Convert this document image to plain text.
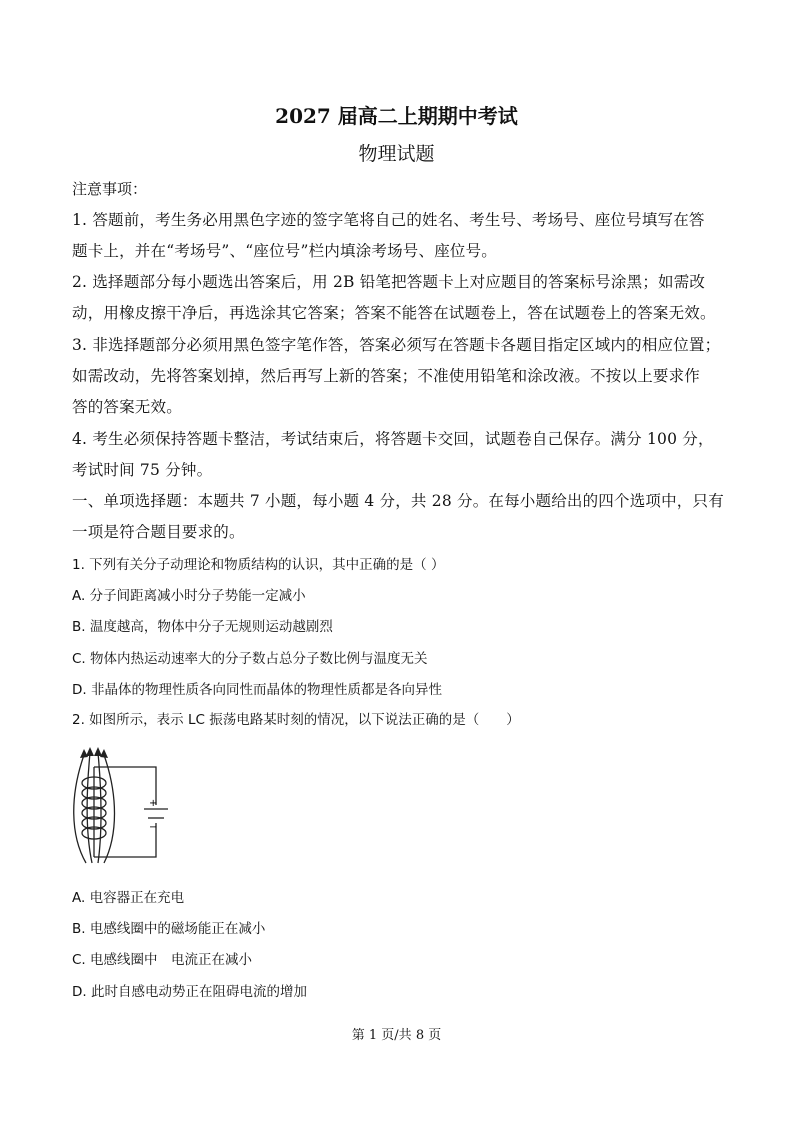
2027 届高二上期期中考试
物理试题
注意事项：
1. 答题前，考生务必用黑色字迹的签字笔将自己的姓名、考生号、考场号、座位号填写在答
题卡上，并在“考场号”、“座位号”栏内填涂考场号、座位号。
2. 选择题部分每小题选出答案后，用 2B 铅笔把答题卡上对应题目的答案标号涂黑；如需改
动，用橡皮擦干净后，再选涂其它答案；答案不能答在试题卷上，答在试题卷上的答案无效。
3. 非选择题部分必须用黑色签字笔作答，答案必须写在答题卡各题目指定区域内的相应位置；
如需改动，先将答案划掉，然后再写上新的答案；不准使用铅笔和涂改液。不按以上要求作
答的答案无效。
4. 考生必须保持答题卡整洁，考试结束后，将答题卡交回，试题卷自己保存。满分 100 分，
考试时间 75 分钟。
一、单项选择题：本题共 7 小题，每小题 4 分，共 28 分。在每小题给出的四个选项中，只有
一项是符合题目要求的。
1. 下列有关分子动理论和物质结构的认识，其中正确的是（ ）
A. 分子间距离减小时分子势能一定减小
B. 温度越高，物体中分子无规则运动越剧烈
C. 物体内热运动速率大的分子数占总分子数比例与温度无关
D. 非晶体的物理性质各向同性而晶体的物理性质都是各向异性
2. 如图所示，表示 LC 振荡电路某时刻的情况，以下说法正确的是（　　）
+
−
A. 电容器正在充电
B. 电感线圈中的磁场能正在减小
C. 电感线圈中　电流正在减小
D. 此时自感电动势正在阻碍电流的增加
第 1 页/共 8 页
